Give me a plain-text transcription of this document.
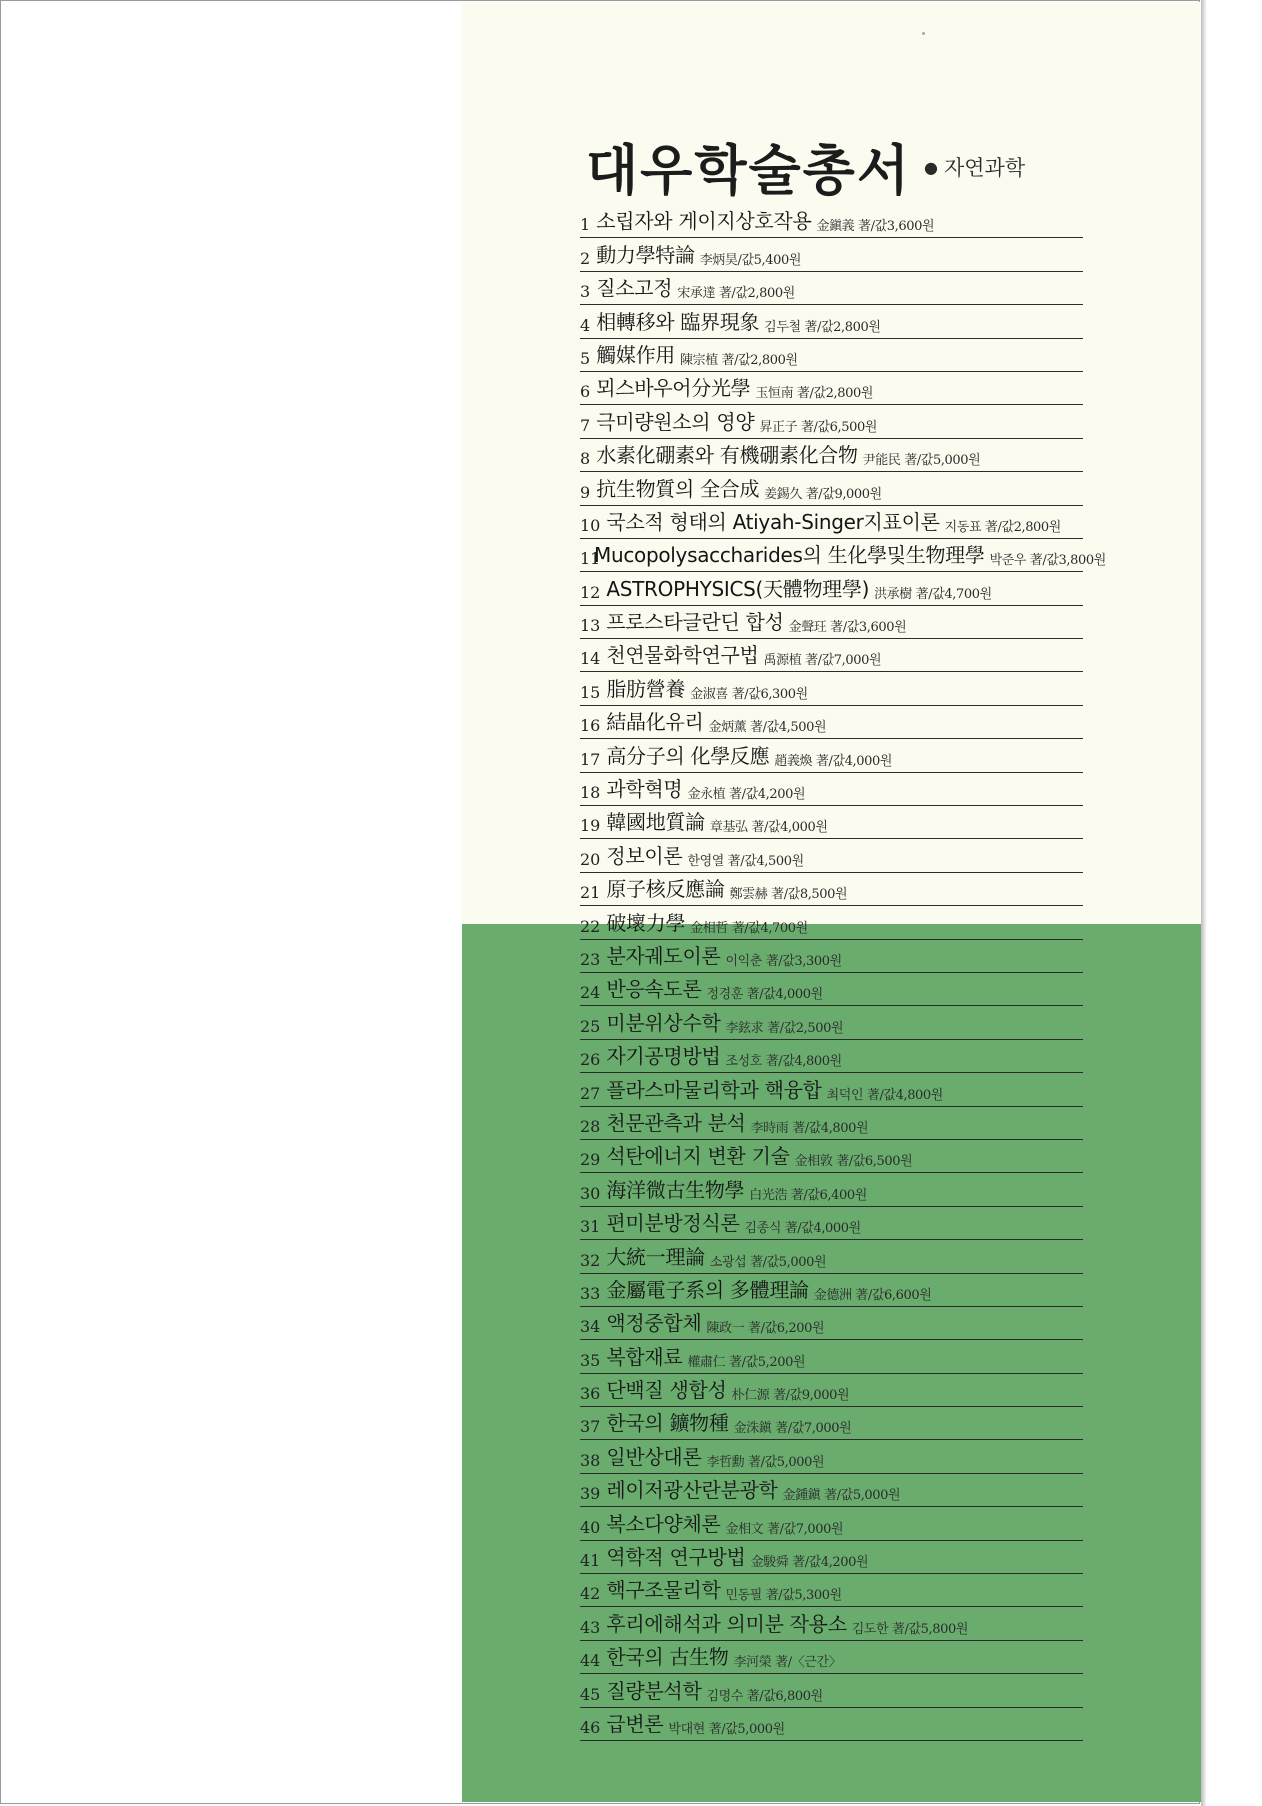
대우학술총서 ● 자연과학
1 소립자와 게이지상호작용 金鎭義 著/값3,600원
2 動力學特論 李炳昊/값5,400원
3 질소고정 宋承達 著/값2,800원
4 相轉移와 臨界現象 김두철 著/값2,800원
5 觸媒作用 陳宗植 著/값2,800원
6 뫼스바우어分光學 玉恒南 著/값2,800원
7 극미량원소의 영양 昇正子 著/값6,500원
8 水素化硼素와 有機硼素化合物 尹能民 著/값5,000원
9 抗生物質의 全合成 姜錫久 著/값9,000원
10 국소적 형태의 Atiyah-Singer지표이론 지동표 著/값2,800원
11
Mucopolysaccharides의 生化學및生物理學 박준우 著/값3,800원
12 ASTROPHYSICS(天體物理學) 洪承樹 著/값4,700원
13 프로스타글란딘 합성 金聲玨 著/값3,600원
14 천연물화학연구법 禹源植 著/값7,000원
15 脂肪營養 金淑喜 著/값6,300원
16 結晶化유리 金炳薰 著/값4,500원
17 高分子의 化學反應 趙義煥 著/값4,000원
18 과학혁명 金永植 著/값4,200원
19 韓國地質論 章基弘 著/값4,000원
20 정보이론 한영열 著/값4,500원
21 原子核反應論 鄭雲赫 著/값8,500원
22 破壞力學 金相哲 著/값4,700원
23 분자궤도이론 이익춘 著/값3,300원
24 반응속도론 정경훈 著/값4,000원
25 미분위상수학 李鉉求 著/값2,500원
26 자기공명방법 조성호 著/값4,800원
27 플라스마물리학과 핵융합 최덕인 著/값4,800원
28 천문관측과 분석 李時雨 著/값4,800원
29 석탄에너지 변환 기술 金相敦 著/값6,500원
30 海洋微古生物學 白光浩 著/값6,400원
31 편미분방정식론 김종식 著/값4,000원
32 大統一理論 소광섭 著/값5,000원
33 金屬電子系의 多體理論 金德洲 著/값6,600원
34 액정중합체 陳政一 著/값6,200원
35 복합재료 權肅仁 著/값5,200원
36 단백질 생합성 朴仁源 著/값9,000원
37 한국의 鑛物種 金洙鎭 著/값7,000원
38 일반상대론 李哲勳 著/값5,000원
39 레이저광산란분광학 金鍾鎭 著/값5,000원
40 복소다양체론 金相文 著/값7,000원
41 역학적 연구방법 金駿舜 著/값4,200원
42 핵구조물리학 민동필 著/값5,300원
43 후리에해석과 의미분 작용소 김도한 著/값5,800원
44 한국의 古生物 李河榮 著/〈근간〉
45 질량분석학 김명수 著/값6,800원
46 급변론 박대현 著/값5,000원
